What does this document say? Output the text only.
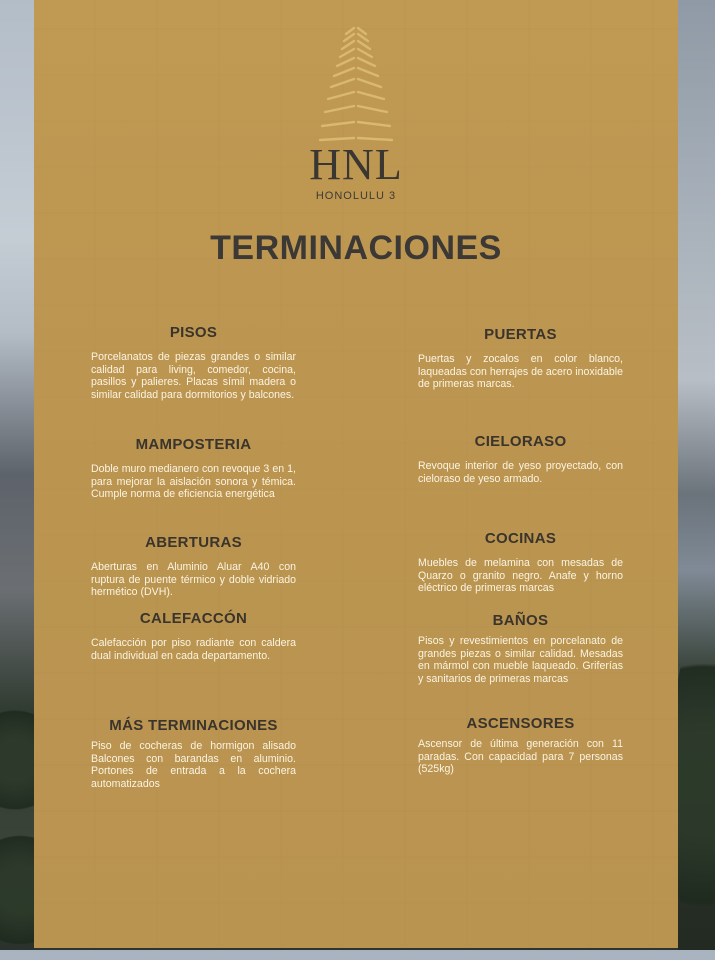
HNL
HONOLULU 3
TERMINACIONES
PISOS

Porcelanatos de piezas grandes o similar calidad para living, comedor, cocina, pasillos y palieres. Placas símil madera o similar calidad para dormitorios y balcones.

MAMPOSTERIA

Doble muro medianero con revoque 3 en 1, para mejorar la aislación sonora y témica. Cumple norma de eficiencia energética

ABERTURAS

Aberturas en Aluminio Aluar A40 con ruptura de puente térmico y doble vidriado hermético (DVH).

CALEFACCÓN

Calefacción por piso radiante con caldera dual individual en cada departamento.

MÁS TERMINACIONES

Piso de cocheras de hormigon alisado Balcones con barandas en aluminio. Portones de entrada a la cochera automatizados

PUERTAS

Puertas y zocalos en color blanco, laqueadas con herrajes de acero inoxidable de primeras marcas.

CIELORASO

Revoque interior de yeso proyectado, con cieloraso de yeso armado.

COCINAS

Muebles de melamina con mesadas de Quarzo o granito negro. Anafe y horno eléctrico de primeras marcas

BAÑOS

Pisos y revestimientos en porcelanato de grandes piezas o similar calidad. Mesadas en mármol con mueble laqueado. Griferías y sanitarios de primeras marcas

ASCENSORES

Ascensor de última generación con 11 paradas. Con capacidad para 7 personas (525kg)
